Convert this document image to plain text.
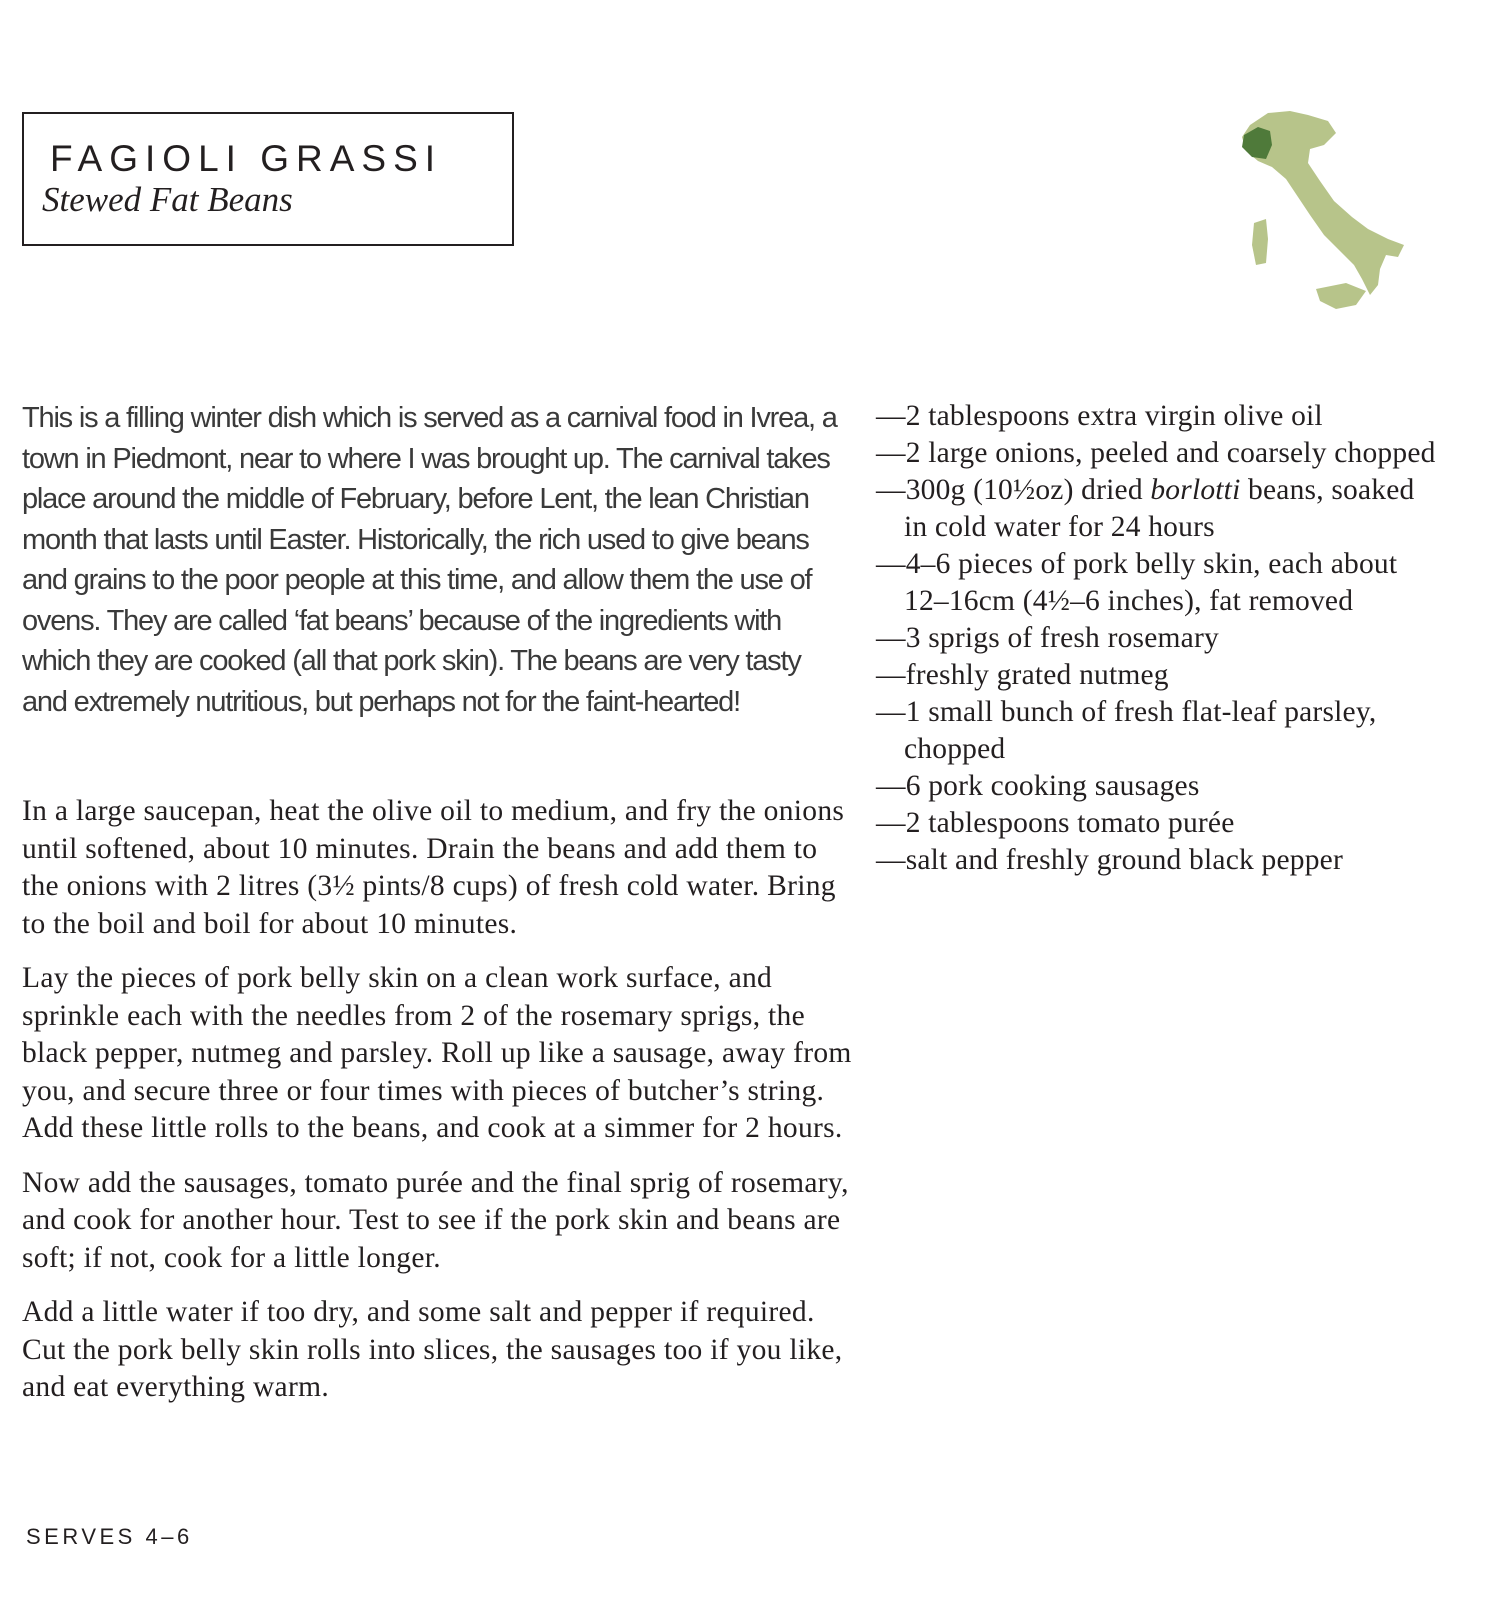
FAGIOLI GRASSI
Stewed Fat Beans

This is a filling winter dish which is served as a carnival food in Ivrea, a town in Piedmont, near to where I was brought up. The carnival takes place around the middle of February, before Lent, the lean Christian month that lasts until Easter. Historically, the rich used to give beans and grains to the poor people at this time, and allow them the use of ovens. They are called ‘fat beans’ because of the ingredients with which they are cooked (all that pork skin). The beans are very tasty and extremely nutritious, but perhaps not for the faint-hearted!

In a large saucepan, heat the olive oil to medium, and fry the onions until softened, about 10 minutes. Drain the beans and add them to the onions with 2 litres (3½ pints/8 cups) of fresh cold water. Bring to the boil and boil for about 10 minutes.

Lay the pieces of pork belly skin on a clean work surface, and sprinkle each with the needles from 2 of the rosemary sprigs, the black pepper, nutmeg and parsley. Roll up like a sausage, away from you, and secure three or four times with pieces of butcher’s string. Add these little rolls to the beans, and cook at a simmer for 2 hours.

Now add the sausages, tomato purée and the final sprig of rosemary, and cook for another hour. Test to see if the pork skin and beans are soft; if not, cook for a little longer.

Add a little water if too dry, and some salt and pepper if required. Cut the pork belly skin rolls into slices, the sausages too if you like, and eat everything warm.

—2 tablespoons extra virgin olive oil
—2 large onions, peeled and coarsely chopped
—300g (10½oz) dried borlotti beans, soaked in cold water for 24 hours
—4–6 pieces of pork belly skin, each about 12–16cm (4½–6 inches), fat removed
—3 sprigs of fresh rosemary
—freshly grated nutmeg
—1 small bunch of fresh flat-leaf parsley, chopped
—6 pork cooking sausages
—2 tablespoons tomato purée
—salt and freshly ground black pepper
SERVES 4–6
